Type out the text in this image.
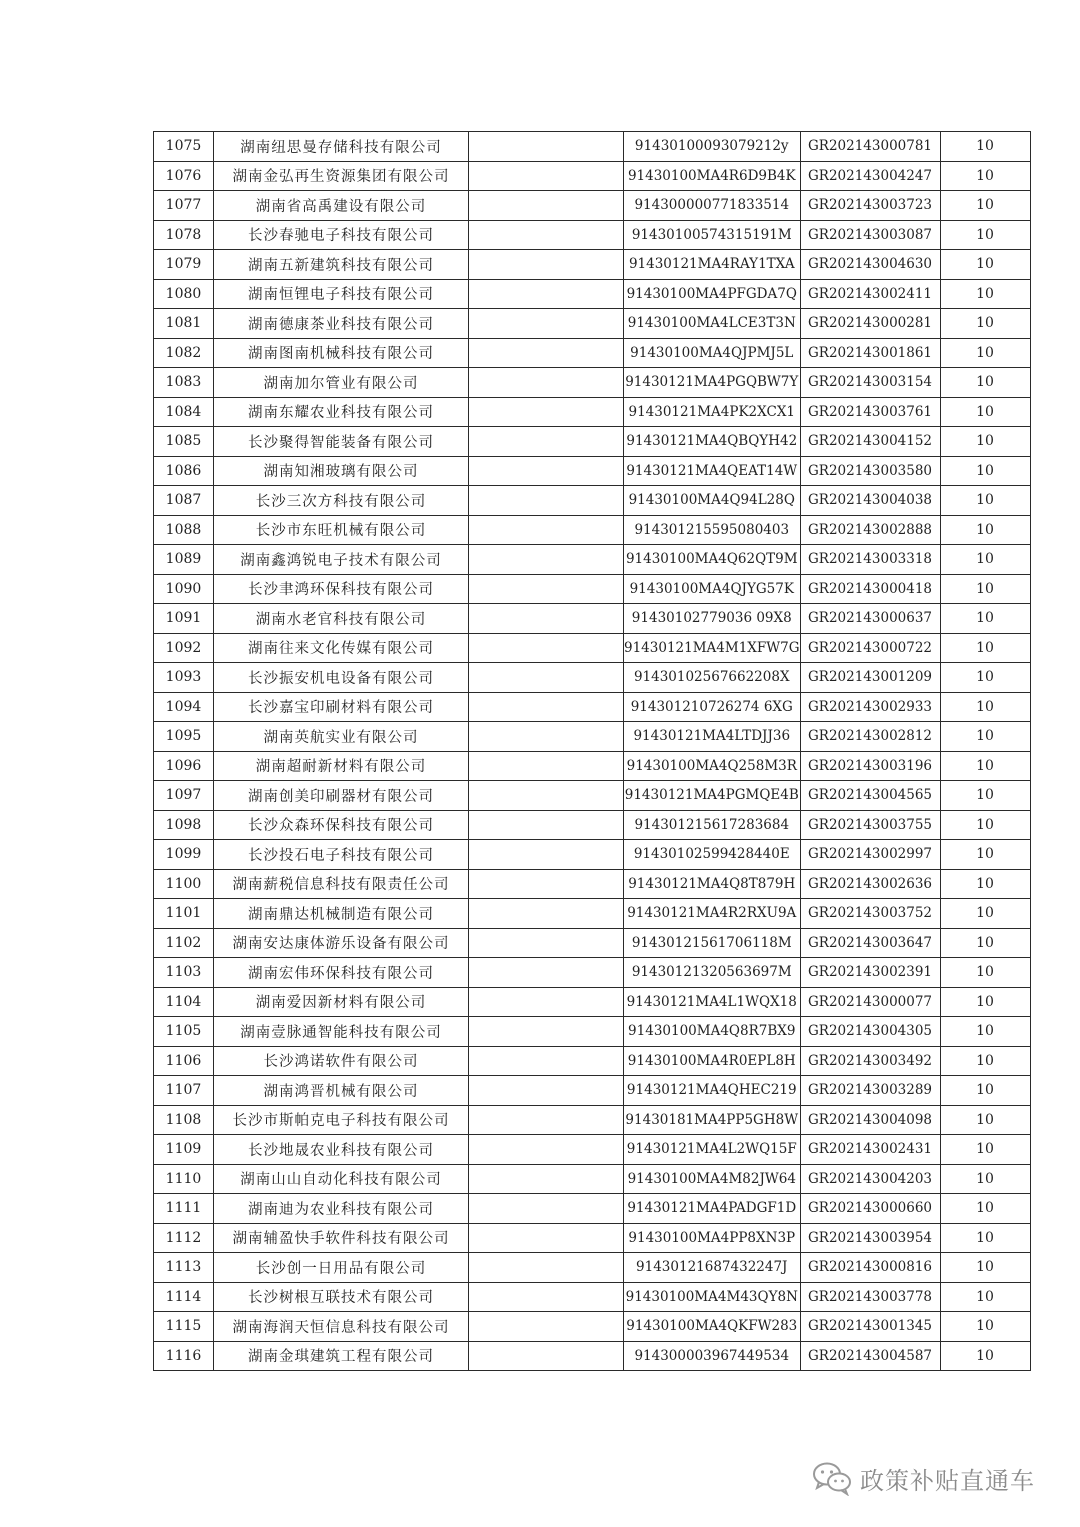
1075	湖南纽思曼存储科技有限公司		91430100093079212y	GR202143000781	10
1076	湖南金弘再生资源集团有限公司		91430100MA4R6D9B4K	GR202143004247	10
1077	湖南省高禹建设有限公司		914300000771833514	GR202143003723	10
1078	长沙春驰电子科技有限公司		91430100574315191M	GR202143003087	10
1079	湖南五新建筑科技有限公司		91430121MA4RAY1TXA	GR202143004630	10
1080	湖南恒锂电子科技有限公司		91430100MA4PFGDA7Q	GR202143002411	10
1081	湖南德康茶业科技有限公司		91430100MA4LCE3T3N	GR202143000281	10
1082	湖南图南机械科技有限公司		91430100MA4QJPMJ5L	GR202143001861	10
1083	湖南加尔管业有限公司		91430121MA4PGQBW7Y	GR202143003154	10
1084	湖南东耀农业科技有限公司		91430121MA4PK2XCX1	GR202143003761	10
1085	长沙聚得智能装备有限公司		91430121MA4QBQYH42	GR202143004152	10
1086	湖南知湘玻璃有限公司		91430121MA4QEAT14W	GR202143003580	10
1087	长沙三次方科技有限公司		91430100MA4Q94L28Q	GR202143004038	10
1088	长沙市东旺机械有限公司		914301215595080403	GR202143002888	10
1089	湖南鑫鸿锐电子技术有限公司		91430100MA4Q62QT9M	GR202143003318	10
1090	长沙聿鸿环保科技有限公司		91430100MA4QJYG57K	GR202143000418	10
1091	湖南水老官科技有限公司		91430102779036 09X8	GR202143000637	10
1092	湖南往来文化传媒有限公司		91430121MA4M1XFW7G	GR202143000722	10
1093	长沙振安机电设备有限公司		91430102567662208X	GR202143001209	10
1094	长沙嘉宝印刷材料有限公司		914301210726274 6XG	GR202143002933	10
1095	湖南英航实业有限公司		91430121MA4LTDJJ36	GR202143002812	10
1096	湖南超耐新材料有限公司		91430100MA4Q258M3R	GR202143003196	10
1097	湖南创美印刷器材有限公司		91430121MA4PGMQE4B	GR202143004565	10
1098	长沙众森环保科技有限公司		914301215617283684	GR202143003755	10
1099	长沙投石电子科技有限公司		91430102599428440E	GR202143002997	10
1100	湖南薪税信息科技有限责任公司		91430121MA4Q8T879H	GR202143002636	10
1101	湖南鼎达机械制造有限公司		91430121MA4R2RXU9A	GR202143003752	10
1102	湖南安达康体游乐设备有限公司		91430121561706118M	GR202143003647	10
1103	湖南宏伟环保科技有限公司		91430121320563697M	GR202143002391	10
1104	湖南爱因新材料有限公司		91430121MA4L1WQX18	GR202143000077	10
1105	湖南壹脉通智能科技有限公司		91430100MA4Q8R7BX9	GR202143004305	10
1106	长沙鸿诺软件有限公司		91430100MA4R0EPL8H	GR202143003492	10
1107	湖南鸿晋机械有限公司		91430121MA4QHEC219	GR202143003289	10
1108	长沙市斯帕克电子科技有限公司		91430181MA4PP5GH8W	GR202143004098	10
1109	长沙地晟农业科技有限公司		91430121MA4L2WQ15F	GR202143002431	10
1110	湖南山山自动化科技有限公司		91430100MA4M82JW64	GR202143004203	10
1111	湖南迪为农业科技有限公司		91430121MA4PADGF1D	GR202143000660	10
1112	湖南辅盈快手软件科技有限公司		91430100MA4PP8XN3P	GR202143003954	10
1113	长沙创一日用品有限公司		91430121687432247J	GR202143000816	10
1114	长沙树根互联技术有限公司		91430100MA4M43QY8N	GR202143003778	10
1115	湖南海润天恒信息科技有限公司		91430100MA4QKFW283	GR202143001345	10
1116	湖南金琪建筑工程有限公司		914300003967449534	GR202143004587	10
政策补贴直通车
